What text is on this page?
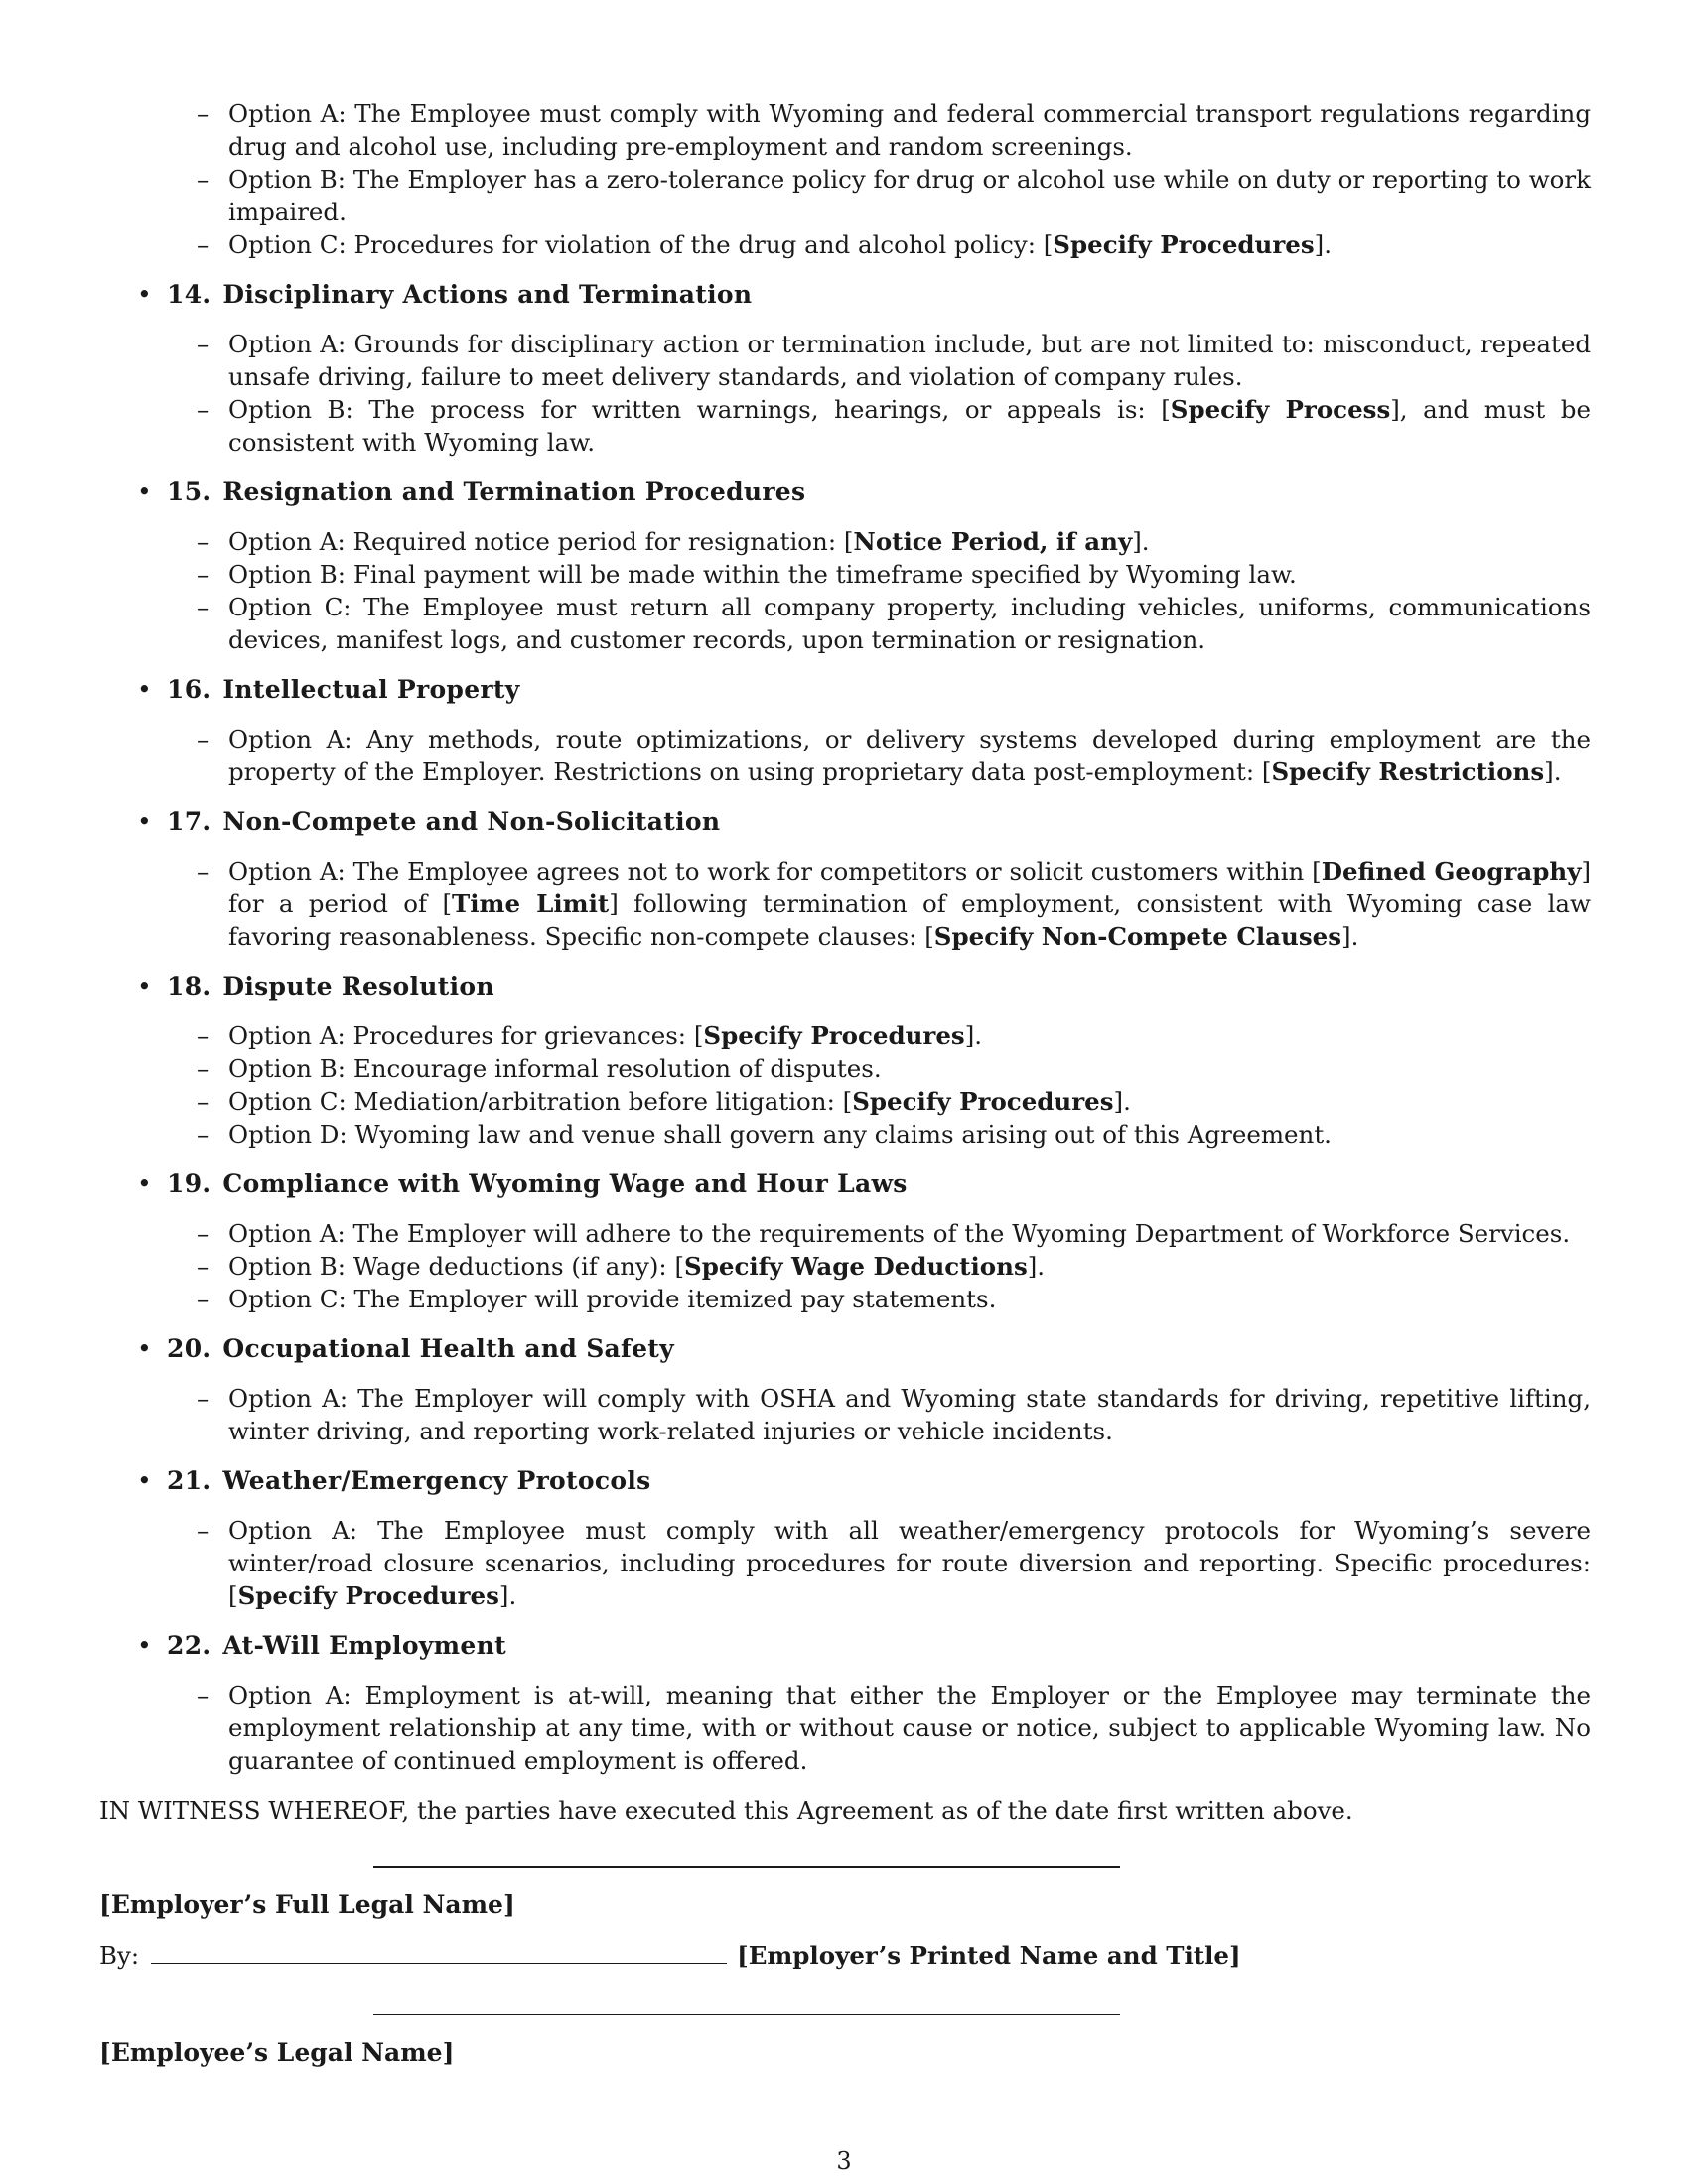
– Option A: The Employee must comply with Wyoming and federal commercial transport regulations regarding drug and alcohol use, including pre-employment and random screenings.
– Option B: The Employer has a zero-tolerance policy for drug or alcohol use while on duty or reporting to work impaired.
– Option C: Procedures for violation of the drug and alcohol policy: [Specify Procedures].
• 14. Disciplinary Actions and Termination
– Option A: Grounds for disciplinary action or termination include, but are not limited to: misconduct, repeated unsafe driving, failure to meet delivery standards, and violation of company rules.
– Option B: The process for written warnings, hearings, or appeals is: [Specify Process], and must be consistent with Wyoming law.
• 15. Resignation and Termination Procedures
– Option A: Required notice period for resignation: [Notice Period, if any].
– Option B: Final payment will be made within the timeframe specified by Wyoming law.
– Option C: The Employee must return all company property, including vehicles, uniforms, communications devices, manifest logs, and customer records, upon termination or resignation.
• 16. Intellectual Property
– Option A: Any methods, route optimizations, or delivery systems developed during employment are the property of the Employer. Restrictions on using proprietary data post-employment: [Specify Restrictions].
• 17. Non-Compete and Non-Solicitation
– Option A: The Employee agrees not to work for competitors or solicit customers within [Defined Geography] for a period of [Time Limit] following termination of employment, consistent with Wyoming case law favoring reasonableness. Specific non-compete clauses: [Specify Non-Compete Clauses].
• 18. Dispute Resolution
– Option A: Procedures for grievances: [Specify Procedures].
– Option B: Encourage informal resolution of disputes.
– Option C: Mediation/arbitration before litigation: [Specify Procedures].
– Option D: Wyoming law and venue shall govern any claims arising out of this Agreement.
• 19. Compliance with Wyoming Wage and Hour Laws
– Option A: The Employer will adhere to the requirements of the Wyoming Department of Workforce Services.
– Option B: Wage deductions (if any): [Specify Wage Deductions].
– Option C: The Employer will provide itemized pay statements.
• 20. Occupational Health and Safety
– Option A: The Employer will comply with OSHA and Wyoming state standards for driving, repetitive lifting, winter driving, and reporting work-related injuries or vehicle incidents.
• 21. Weather/Emergency Protocols
– Option A: The Employee must comply with all weather/emergency protocols for Wyoming’s severe winter/road closure scenarios, including procedures for route diversion and reporting. Specific procedures: [Specify Procedures].
• 22. At-Will Employment
– Option A: Employment is at-will, meaning that either the Employer or the Employee may terminate the employment relationship at any time, with or without cause or notice, subject to applicable Wyoming law. No guarantee of continued employment is offered.
IN WITNESS WHEREOF, the parties have executed this Agreement as of the date first written above.
[Employer’s Full Legal Name]
By:	[Employer’s Printed Name and Title]
[Employee’s Legal Name]
3
